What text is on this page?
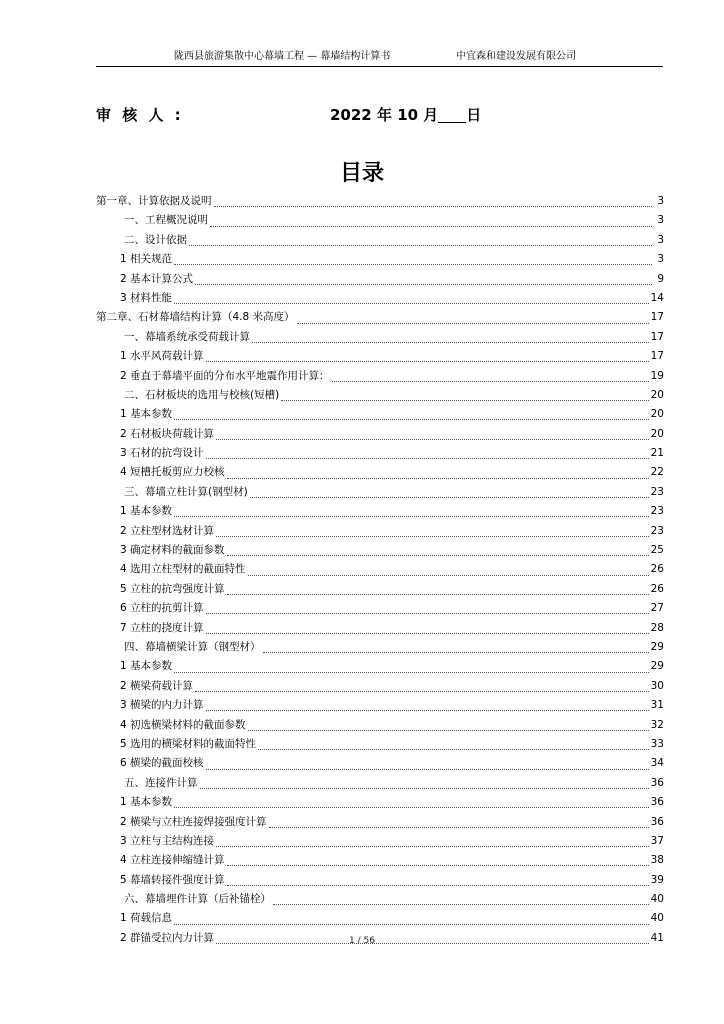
陇西县旅游集散中心幕墙工程 — 幕墙结构计算书	中宜森和建设发展有限公司
审 核 人 :	2022 年 10 月 日
目录
第一章、计算依据及说明	3
一、工程概况说明	3
二、设计依据	3
1 相关规范	3
2 基本计算公式	9
3 材料性能	14
第二章、石材幕墙结构计算（4.8 米高度）	17
一、幕墙系统承受荷载计算	17
1 水平风荷载计算	17
2 垂直于幕墙平面的分布水平地震作用计算：	19
二、石材板块的选用与校核(短槽)	20
1 基本参数	20
2 石材板块荷载计算	20
3 石材的抗弯设计	21
4 短槽托板剪应力校核	22
三、幕墙立柱计算(钢型材)	23
1 基本参数	23
2 立柱型材选材计算	23
3 确定材料的截面参数	25
4 选用立柱型材的截面特性	26
5 立柱的抗弯强度计算	26
6 立柱的抗剪计算	27
7 立柱的挠度计算	28
四、幕墙横梁计算（钢型材）	29
1 基本参数	29
2 横梁荷载计算	30
3 横梁的内力计算	31
4 初选横梁材料的截面参数	32
5 选用的横梁材料的截面特性	33
6 横梁的截面校核	34
五、连接件计算	36
1 基本参数	36
2 横梁与立柱连接焊接强度计算	36
3 立柱与主结构连接	37
4 立柱连接伸缩缝计算	38
5 幕墙转接件强度计算	39
六、幕墙埋件计算（后补锚栓）	40
1 荷载信息	40
2 群锚受拉内力计算	41
1 / 56
